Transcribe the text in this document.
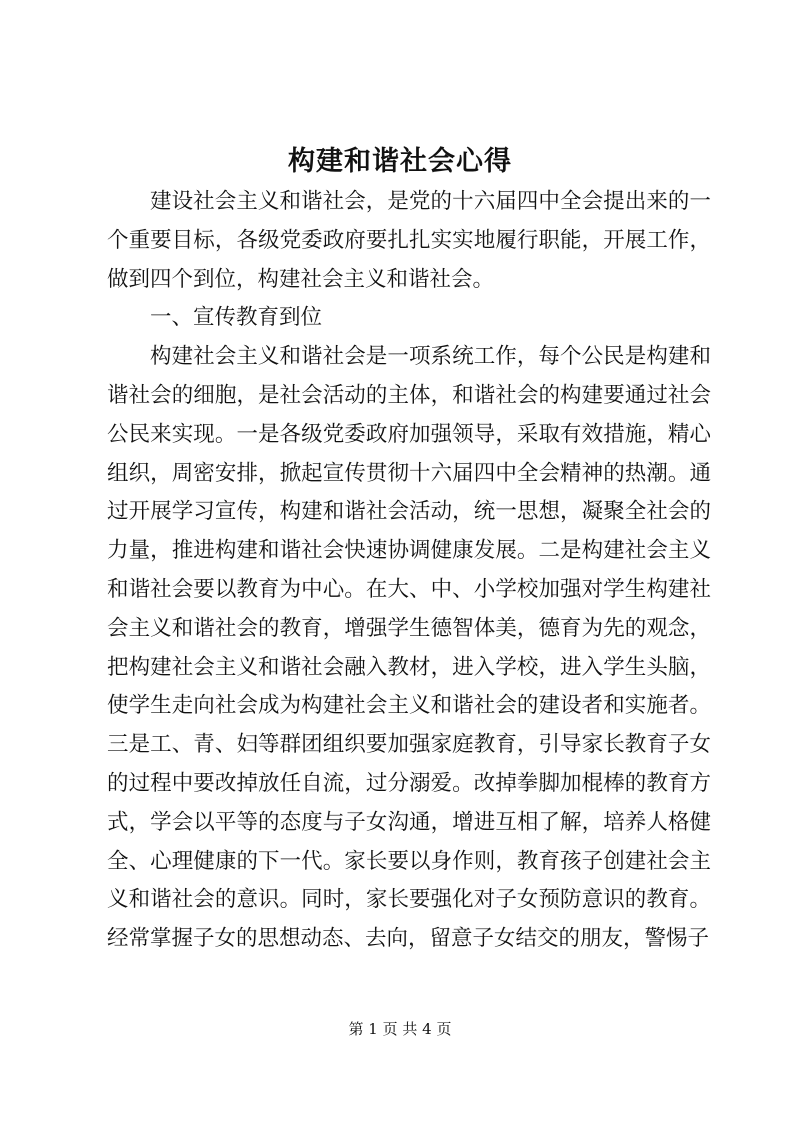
构建和谐社会心得

建设社会主义和谐社会，是党的十六届四中全会提出来的一个重要目标，各级党委政府要扎扎实实地履行职能，开展工作，做到四个到位，构建社会主义和谐社会。

一、宣传教育到位

构建社会主义和谐社会是一项系统工作，每个公民是构建和谐社会的细胞，是社会活动的主体，和谐社会的构建要通过社会公民来实现。一是各级党委政府加强领导，采取有效措施，精心组织，周密安排，掀起宣传贯彻十六届四中全会精神的热潮。通过开展学习宣传，构建和谐社会活动，统一思想，凝聚全社会的力量，推进构建和谐社会快速协调健康发展。二是构建社会主义和谐社会要以教育为中心。在大、中、小学校加强对学生构建社会主义和谐社会的教育，增强学生德智体美，德育为先的观念，把构建社会主义和谐社会融入教材，进入学校，进入学生头脑，使学生走向社会成为构建社会主义和谐社会的建设者和实施者。三是工、青、妇等群团组织要加强家庭教育，引导家长教育子女的过程中要改掉放任自流，过分溺爱。改掉拳脚加棍棒的教育方式，学会以平等的态度与子女沟通，增进互相了解，培养人格健全、心理健康的下一代。家长要以身作则，教育孩子创建社会主义和谐社会的意识。同时，家长要强化对子女预防意识的教育。经常掌握子女的思想动态、去向，留意子女结交的朋友，警惕子

第 1 页 共 4 页
